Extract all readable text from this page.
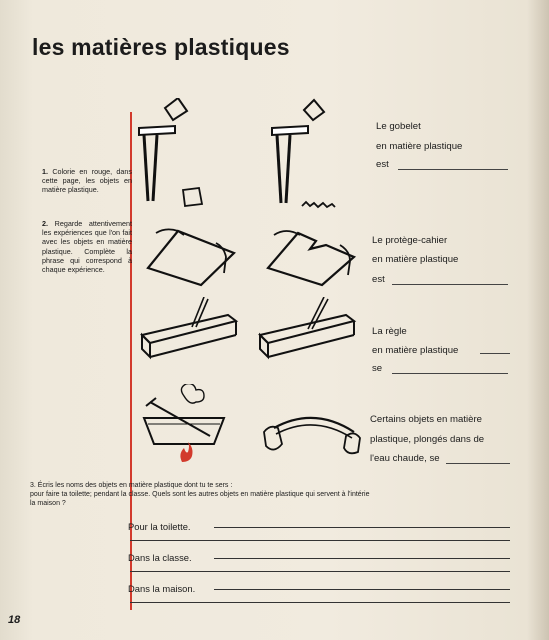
les matières plastiques
1. Colorie en rouge, dans cette page, les objets en matière plastique.
2. Regarde attentivement les expériences que l'on fait avec les objets en matière plastique. Complète la phrase qui correspond à chaque expérience.
Le gobelet
en matière plastique
est
Le protège-cahier
en matière plastique
est
La règle
en matière plastique
se
Certains objets en matière
plastique, plongés dans de
l'eau chaude, se
3. Écris les noms des objets en matière plastique dont tu te sers :
pour faire ta toilette; pendant la classe. Quels sont les autres objets en matière plastique qui servent à l'intérie
la maison ?
Pour la toilette.
Dans la classe.
Dans la maison.
18
